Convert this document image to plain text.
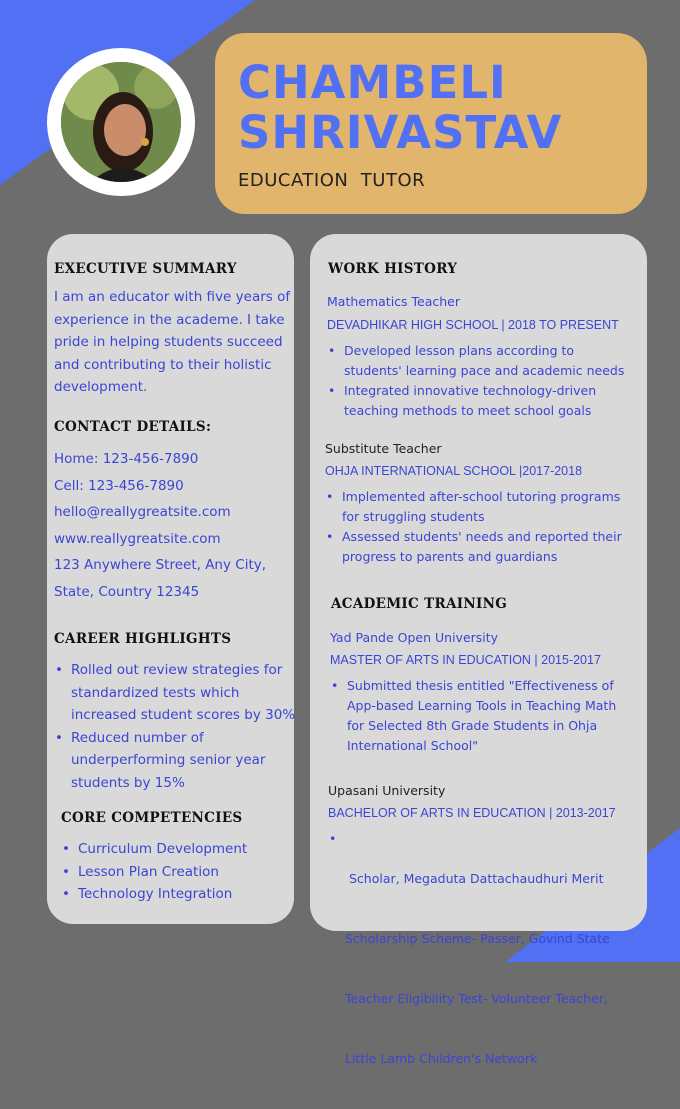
CHAMBELI
SHRIVASTAV

EDUCATION  TUTOR

EXECUTIVE SUMMARY
I am an educator with five years of
experience in the academe. I take
pride in helping students succeed
and contributing to their holistic
development.
CONTACT DETAILS:
Home: 123-456-7890
Cell: 123-456-7890
hello@reallygreatsite.com
www.reallygreatsite.com
123 Anywhere Street, Any City,
State, Country 12345
CAREER HIGHLIGHTS
• Rolled out review strategies for
standardized tests which
increased student scores by 30%
• Reduced number of
underperforming senior year
students by 15%
CORE COMPETENCIES
• Curriculum Development
• Lesson Plan Creation
• Technology Integration
WORK HISTORY

Mathematics Teacher

DEVADHIKAR HIGH SCHOOL | 2018 TO PRESENT

• Developed lesson plans according to
students' learning pace and academic needs
• Integrated innovative technology-driven
teaching methods to meet school goals

Substitute Teacher

OHJA INTERNATIONAL SCHOOL |2017-2018

• Implemented after-school tutoring programs
for struggling students
• Assessed students' needs and reported their
progress to parents and guardians
ACADEMIC TRAINING

Yad Pande Open University

MASTER OF ARTS IN EDUCATION | 2015-2017

• Submitted thesis entitled "Effectiveness of
App-based Learning Tools in Teaching Math
for Selected 8th Grade Students in Ohja
International School"

Upasani University

BACHELOR OF ARTS IN EDUCATION | 2013-2017

•  Scholar, Megaduta Dattachaudhuri Merit

Scholarship Scheme- Passer, Govind State

Teacher Eligibility Test- Volunteer Teacher,

Little Lamb Children's Network
